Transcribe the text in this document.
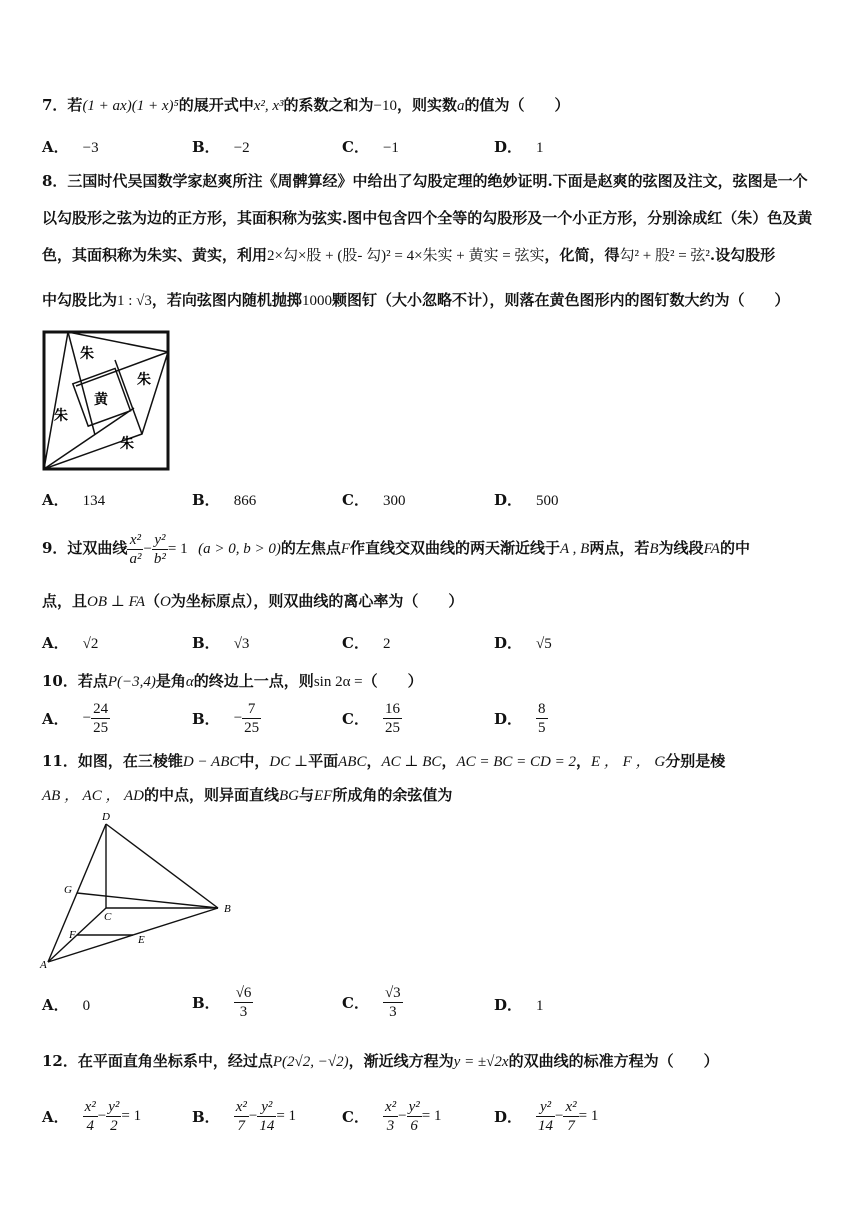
7．若(1 + ax)(1 + x)⁵的展开式中x², x³的系数之和为−10，则实数a的值为（　　）
A． −3	B． −2	C． −1	D． 1
8．三国时代吴国数学家赵爽所注《周髀算经》中给出了勾股定理的绝妙证明.下面是赵爽的弦图及注文，弦图是一个
以勾股形之弦为边的正方形，其面积称为弦实.图中包含四个全等的勾股形及一个小正方形，分别涂成红（朱）色及黄
色，其面积称为朱实、黄实，利用2×勾×股 + (股- 勾)² = 4×朱实 + 黄实 = 弦实，化简，得勾² + 股² = 弦².设勾股形
中勾股比为1 : √3，若向弦图内随机抛掷1000颗图钉（大小忽略不计），则落在黄色图形内的图钉数大约为（　　）
朱
朱
黄
朱
朱
A． 134	B． 866	C． 300	D． 500
9．过双曲线 $\frac{\text{x²}}{\text{a²}} - \frac{\text{y²}}{\text{b²}} = 1$ (a > 0, b > 0)的左焦点F作直线交双曲线的两天渐近线于A , B两点，若B为线段FA的中
点，且OB ⊥ FA（O为坐标原点），则双曲线的离心率为（　　）
A． √2	B． √3	C． 2	D． √5
10．若点P(−3,4)是角α的终边上一点，则sin 2α =（　　）
A． − $\frac{24}{25}$	B． − $\frac{7}{25}$	C． $\frac{16}{25}$	D． $\frac{8}{5}$
11．如图，在三棱锥D − ABC中，DC ⊥平面ABC，AC ⊥ BC，AC = BC = CD = 2，E ， F ， G分别是棱
AB ， AC ， AD的中点，则异面直线BG与EF所成角的余弦值为
D
G
C
B
F	E
A
A． 0	B． $\frac{√6}{3}$	C． $\frac{√3}{3}$	D． 1
12．在平面直角坐标系中，经过点P(2√2, −√2)，渐近线方程为y = ±√2x的双曲线的标准方程为（　　）
A． $\frac{\text{x²}}{4} - \frac{\text{y²}}{2} = 1$	B． $\frac{\text{x²}}{7} - \frac{\text{y²}}{14} = 1$	C． $\frac{\text{x²}}{3} - \frac{\text{y²}}{6} = 1$	D． $\frac{\text{y²}}{14} - \frac{\text{x²}}{7} = 1$
